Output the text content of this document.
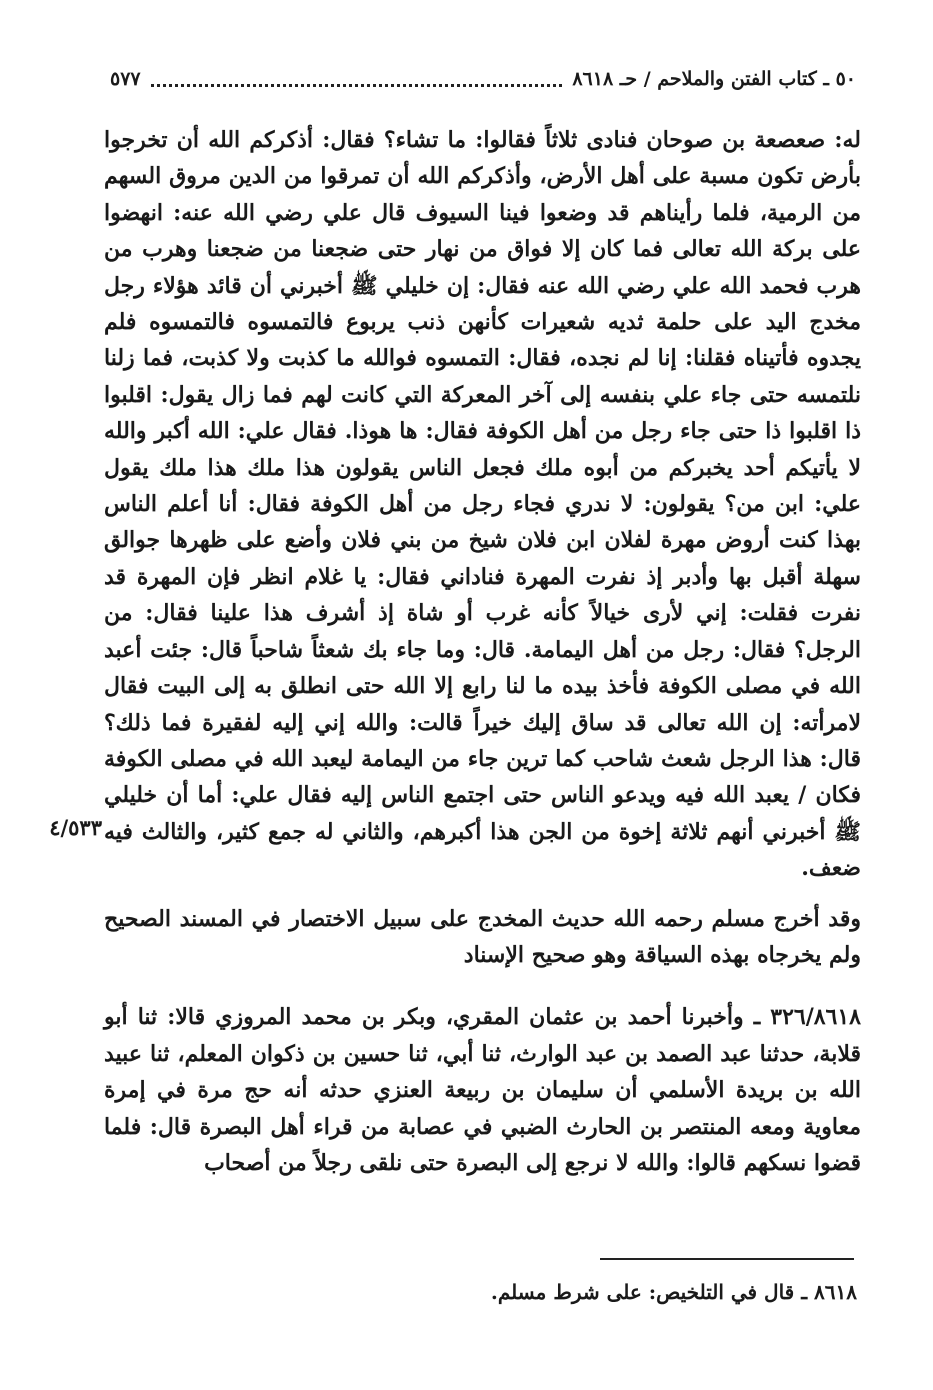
٥٠ ـ كتاب الفتن والملاحم / حـ ٨٦١٨
٥٧٧
٤/٥٣٣

له: صعصعة بن صوحان فنادى ثلاثاً فقالوا: ما تشاء؟ فقال: أذكركم الله أن تخرجوا بأرض تكون مسبة على أهل الأرض، وأذكركم الله أن تمرقوا من الدين مروق السهم من الرمية، فلما رأيناهم قد وضعوا فينا السيوف قال علي رضي الله عنه: انهضوا على بركة الله تعالى فما كان إلا فواق من نهار حتى ضجعنا من ضجعنا وهرب من هرب فحمد الله علي رضي الله عنه فقال: إن خليلي ﷺ أخبرني أن قائد هؤلاء رجل مخدج اليد على حلمة ثديه شعيرات كأنهن ذنب يربوع فالتمسوه فالتمسوه فلم يجدوه فأتيناه فقلنا: إنا لم نجده، فقال: التمسوه فوالله ما كذبت ولا كذبت، فما زلنا نلتمسه حتى جاء علي بنفسه إلى آخر المعركة التي كانت لهم فما زال يقول: اقلبوا ذا اقلبوا ذا حتى جاء رجل من أهل الكوفة فقال: ها هوذا. فقال علي: الله أكبر والله لا يأتيكم أحد يخبركم من أبوه ملك فجعل الناس يقولون هذا ملك هذا ملك يقول علي: ابن من؟ يقولون: لا ندري فجاء رجل من أهل الكوفة فقال: أنا أعلم الناس بهذا كنت أروض مهرة لفلان ابن فلان شيخ من بني فلان وأضع على ظهرها جوالق سهلة أقبل بها وأدبر إذ نفرت المهرة فناداني فقال: يا غلام انظر فإن المهرة قد نفرت فقلت: إني لأرى خيالاً كأنه غرب أو شاة إذ أشرف هذا علينا فقال: من الرجل؟ فقال: رجل من أهل اليمامة. قال: وما جاء بك شعثاً شاحباً قال: جئت أعبد الله في مصلى الكوفة فأخذ بيده ما لنا رابع إلا الله حتى انطلق به إلى البيت فقال لامرأته: إن الله تعالى قد ساق إليك خيراً قالت: والله إني إليه لفقيرة فما ذلك؟ قال: هذا الرجل شعث شاحب كما ترين جاء من اليمامة ليعبد الله في مصلى الكوفة فكان / يعبد الله فيه ويدعو الناس حتى اجتمع الناس إليه فقال علي: أما أن خليلي ﷺ أخبرني أنهم ثلاثة إخوة من الجن هذا أكبرهم، والثاني له جمع كثير، والثالث فيه ضعف.

وقد أخرج مسلم رحمه الله حديث المخدج على سبيل الاختصار في المسند الصحيح ولم يخرجاه بهذه السياقة وهو صحيح الإسناد

٣٢٦/٨٦١٨ ـ وأخبرنا أحمد بن عثمان المقري، وبكر بن محمد المروزي قالا: ثنا أبو قلابة، حدثنا عبد الصمد بن عبد الوارث، ثنا أبي، ثنا حسين بن ذكوان المعلم، ثنا عبيد الله بن بريدة الأسلمي أن سليمان بن ربيعة العنزي حدثه أنه حج مرة في إمرة معاوية ومعه المنتصر بن الحارث الضبي في عصابة من قراء أهل البصرة قال: فلما قضوا نسكهم قالوا: والله لا نرجع إلى البصرة حتى نلقى رجلاً من أصحاب

٨٦١٨ ـ قال في التلخيص: على شرط مسلم.
